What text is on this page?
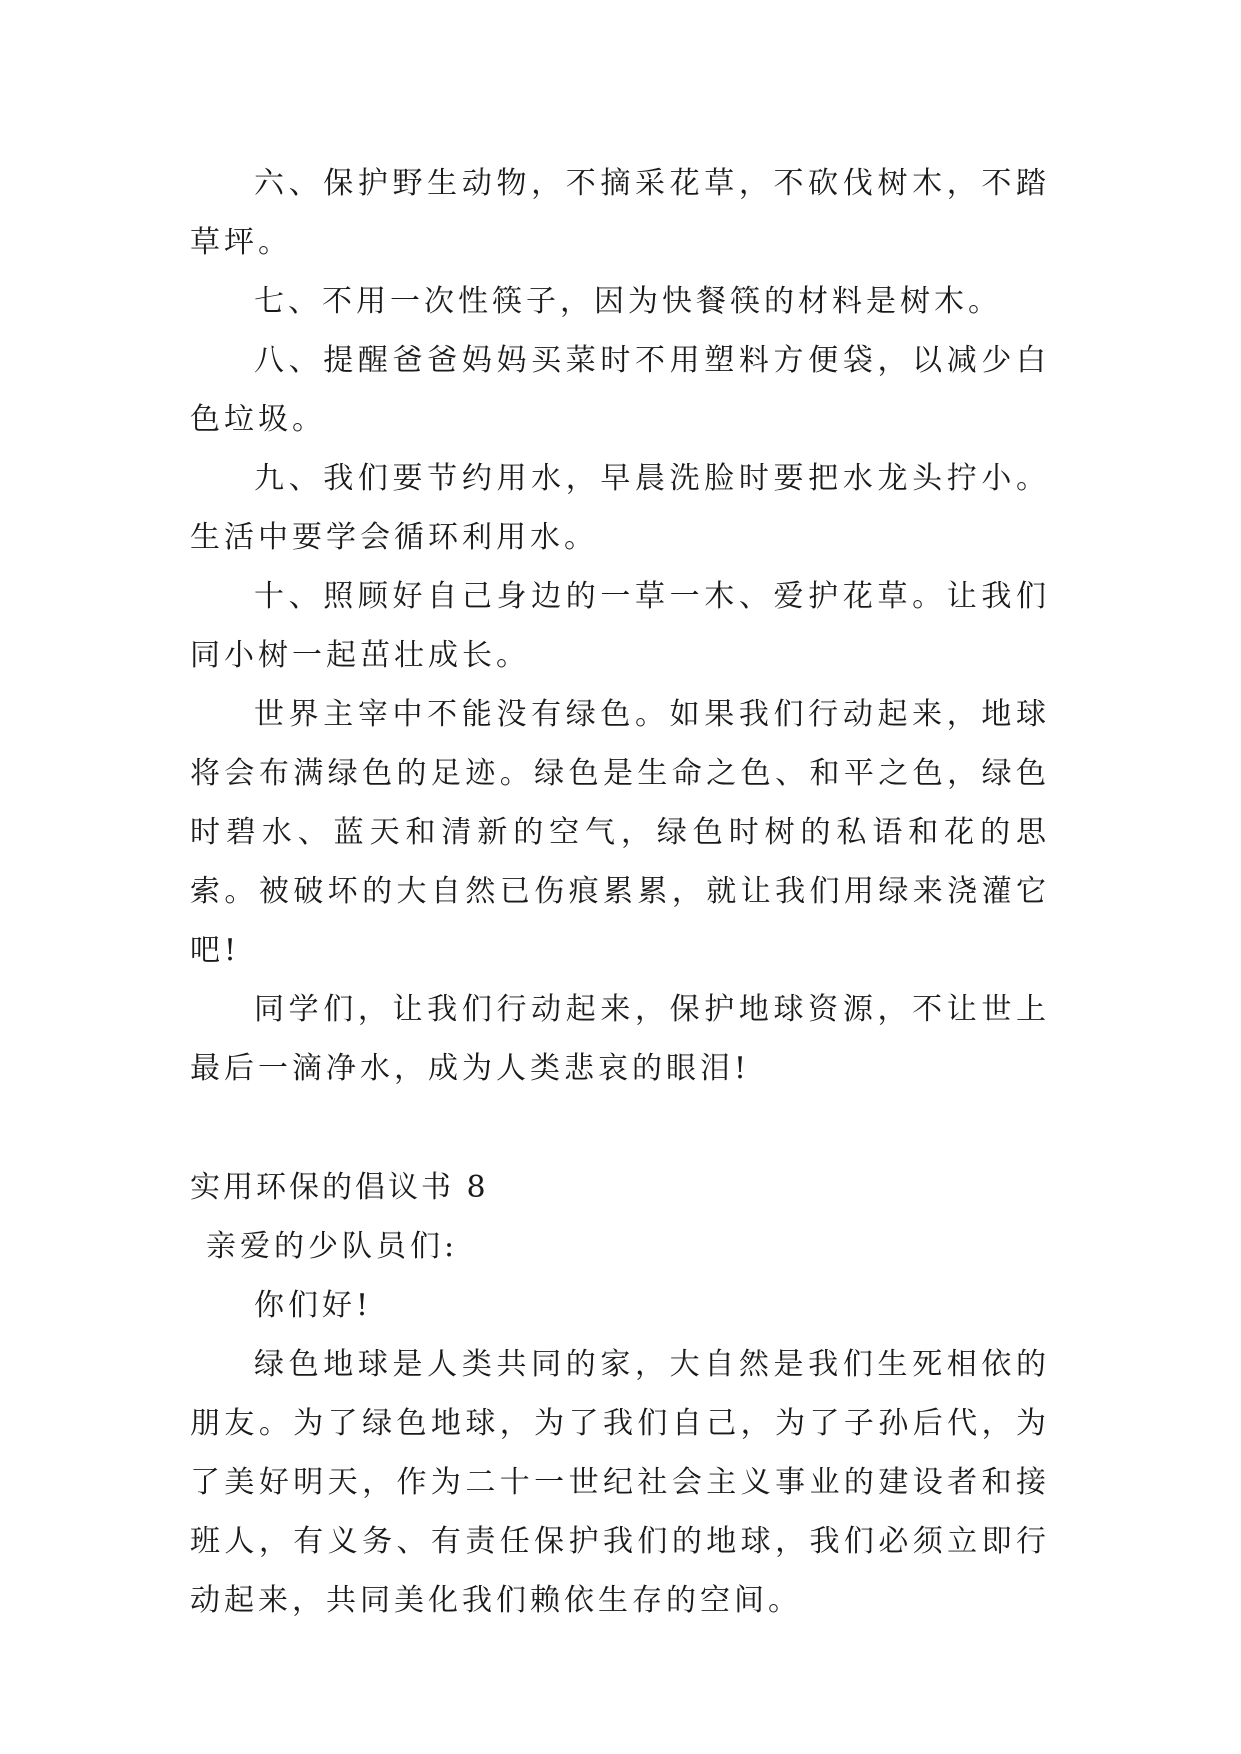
六、保护野生动物，不摘采花草，不砍伐树木，不踏草坪。

七、不用一次性筷子，因为快餐筷的材料是树木。

八、提醒爸爸妈妈买菜时不用塑料方便袋，以减少白色垃圾。

九、我们要节约用水，早晨洗脸时要把水龙头拧小。生活中要学会循环利用水。

十、照顾好自己身边的一草一木、爱护花草。让我们同小树一起茁壮成长。

世界主宰中不能没有绿色。如果我们行动起来，地球将会布满绿色的足迹。绿色是生命之色、和平之色，绿色时碧水、蓝天和清新的空气，绿色时树的私语和花的思索。被破坏的大自然已伤痕累累，就让我们用绿来浇灌它吧!

同学们，让我们行动起来，保护地球资源，不让世上最后一滴净水，成为人类悲哀的眼泪!

实用环保的倡议书 8

亲爱的少队员们:

你们好!

绿色地球是人类共同的家，大自然是我们生死相依的朋友。为了绿色地球，为了我们自己，为了子孙后代，为了美好明天，作为二十一世纪社会主义事业的建设者和接班人，有义务、有责任保护我们的地球，我们必须立即行动起来，共同美化我们赖依生存的空间。
